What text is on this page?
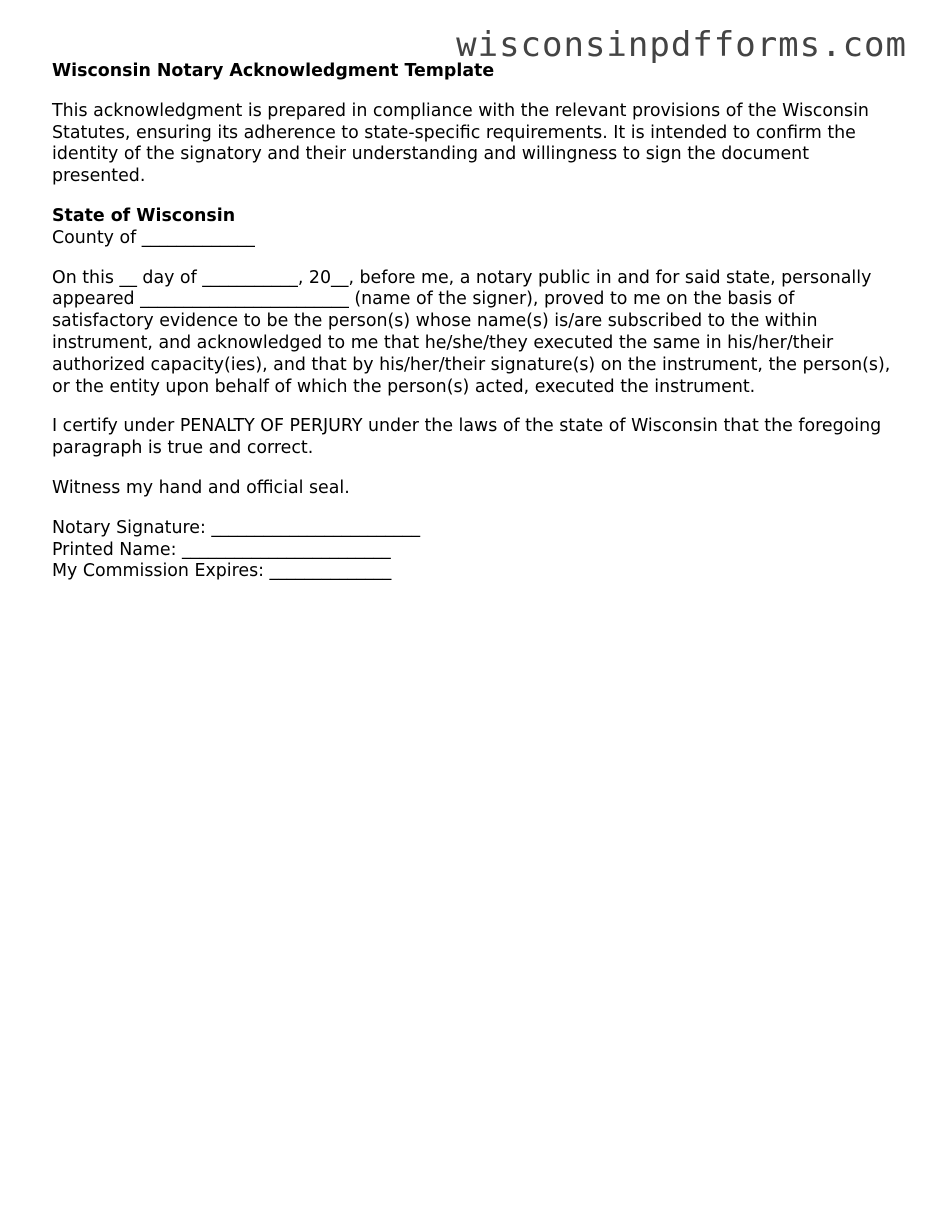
wisconsinpdfforms.com
Wisconsin Notary Acknowledgment Template
This acknowledgment is prepared in compliance with the relevant provisions of the Wisconsin Statutes, ensuring its adherence to state-specific requirements. It is intended to confirm the identity of the signatory and their understanding and willingness to sign the document presented.
State of Wisconsin
County of _____________
On this __ day of ___________, 20__, before me, a notary public in and for said state, personally appeared ________________________ (name of the signer), proved to me on the basis of satisfactory evidence to be the person(s) whose name(s) is/are subscribed to the within instrument, and acknowledged to me that he/she/they executed the same in his/her/their authorized capacity(ies), and that by his/her/their signature(s) on the instrument, the person(s), or the entity upon behalf of which the person(s) acted, executed the instrument.
I certify under PENALTY OF PERJURY under the laws of the state of Wisconsin that the foregoing paragraph is true and correct.
Witness my hand and official seal.
Notary Signature: ________________________
Printed Name: ________________________
My Commission Expires: ______________
